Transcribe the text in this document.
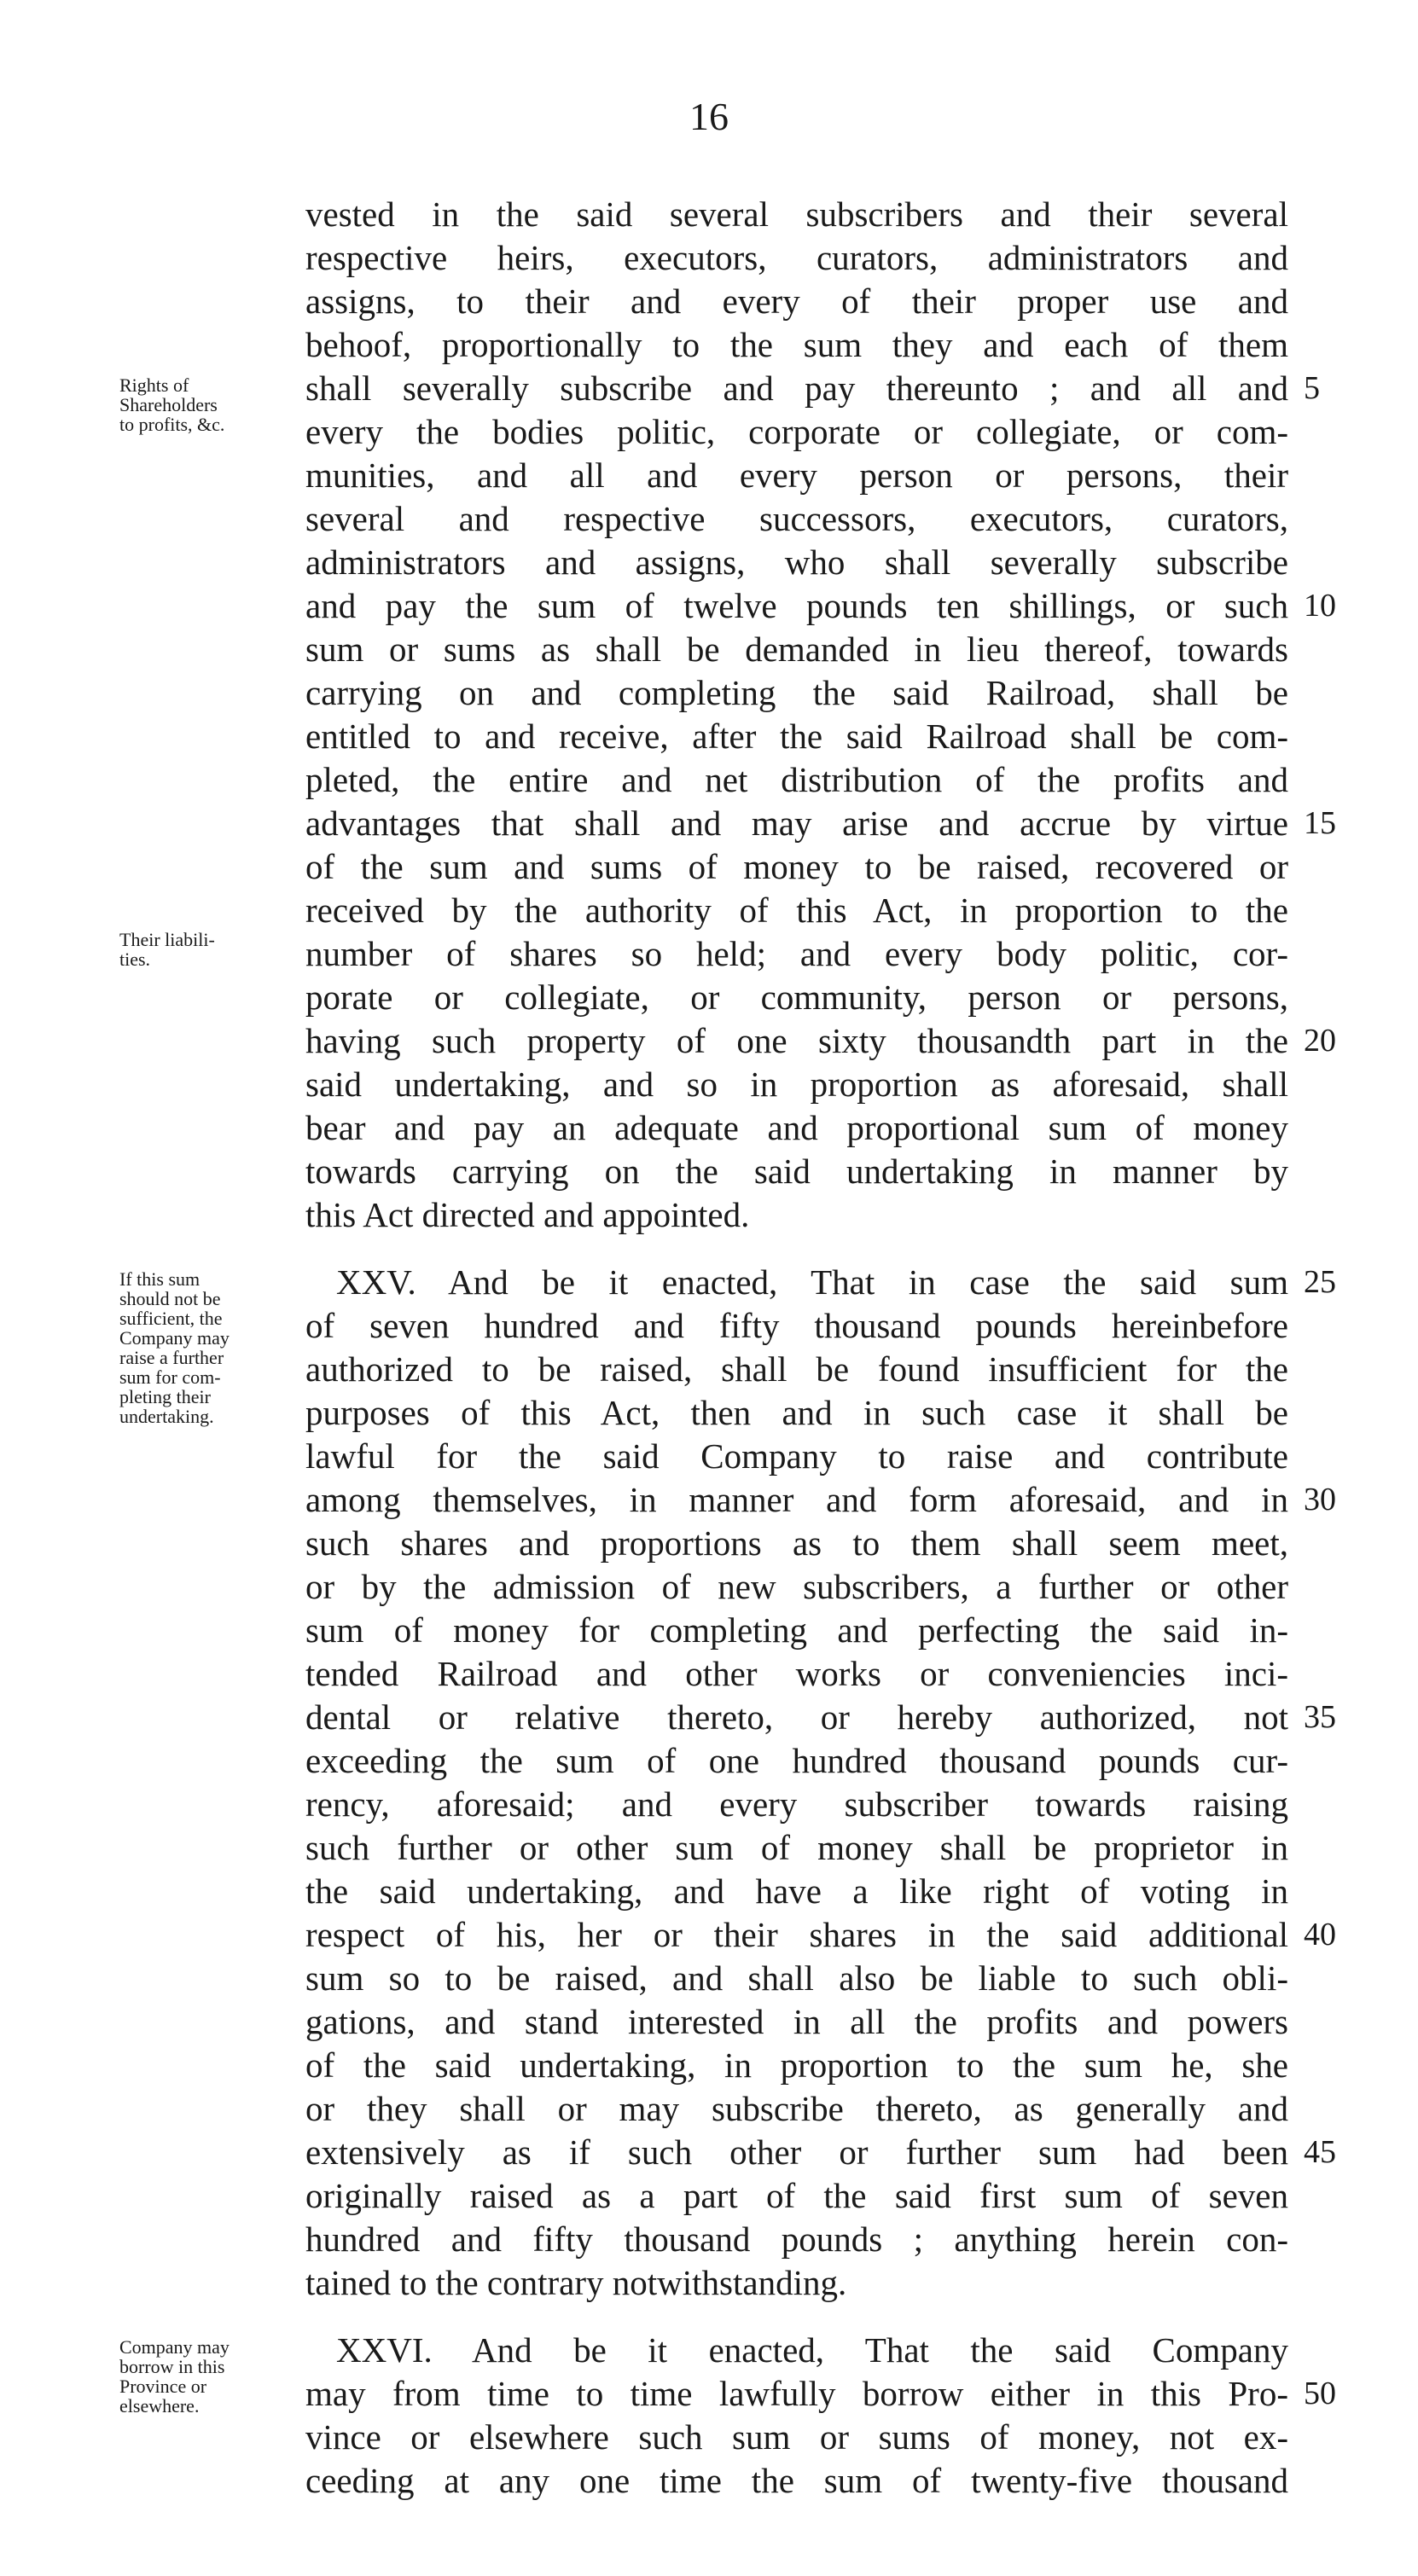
16
vested in the said several subscribers and their several
respective heirs, executors, curators, administrators and
assigns, to their and every of their proper use and
behoof, proportionally to the sum they and each of them
shall severally subscribe and pay thereunto ; and all and
every the bodies politic, corporate or collegiate, or com-
munities, and all and every person or persons, their
several and respective successors, executors, curators,
administrators and assigns, who shall severally subscribe
and pay the sum of twelve pounds ten shillings, or such
sum or sums as shall be demanded in lieu thereof, towards
carrying on and completing the said Railroad, shall be
entitled to and receive, after the said Railroad shall be com-
pleted, the entire and net distribution of the profits and
advantages that shall and may arise and accrue by virtue
of the sum and sums of money to be raised, recovered or
received by the authority of this Act, in proportion to the
number of shares so held; and every body politic, cor-
porate or collegiate, or community, person or persons,
having such property of one sixty thousandth part in the
said undertaking, and so in proportion as aforesaid, shall
bear and pay an adequate and proportional sum of money
towards carrying on the said undertaking in manner by
this Act directed and appointed.
XXV. And be it enacted, That in case the said sum
of seven hundred and fifty thousand pounds hereinbefore
authorized to be raised, shall be found insufficient for the
purposes of this Act, then and in such case it shall be
lawful for the said Company to raise and contribute
among themselves, in manner and form aforesaid, and in
such shares and proportions as to them shall seem meet,
or by the admission of new subscribers, a further or other
sum of money for completing and perfecting the said in-
tended Railroad and other works or conveniencies inci-
dental or relative thereto, or hereby authorized, not
exceeding the sum of one hundred thousand pounds cur-
rency, aforesaid; and every subscriber towards raising
such further or other sum of money shall be proprietor in
the said undertaking, and have a like right of voting in
respect of his, her or their shares in the said additional
sum so to be raised, and shall also be liable to such obli-
gations, and stand interested in all the profits and powers
of the said undertaking, in proportion to the sum he, she
or they shall or may subscribe thereto, as generally and
extensively as if such other or further sum had been
originally raised as a part of the said first sum of seven
hundred and fifty thousand pounds ; anything herein con-
tained to the contrary notwithstanding.
XXVI. And be it enacted, That the said Company
may from time to time lawfully borrow either in this Pro-
vince or elsewhere such sum or sums of money, not ex-
ceeding at any one time the sum of twenty-five thousand
5
10
15
20
25
30
35
40
45
50
Rights of
Shareholders
to profits, &c.
Their liabili-
ties.
If this sum
should not be
sufficient, the
Company may
raise a further
sum for com-
pleting their
undertaking.
Company may
borrow in this
Province or
elsewhere.
